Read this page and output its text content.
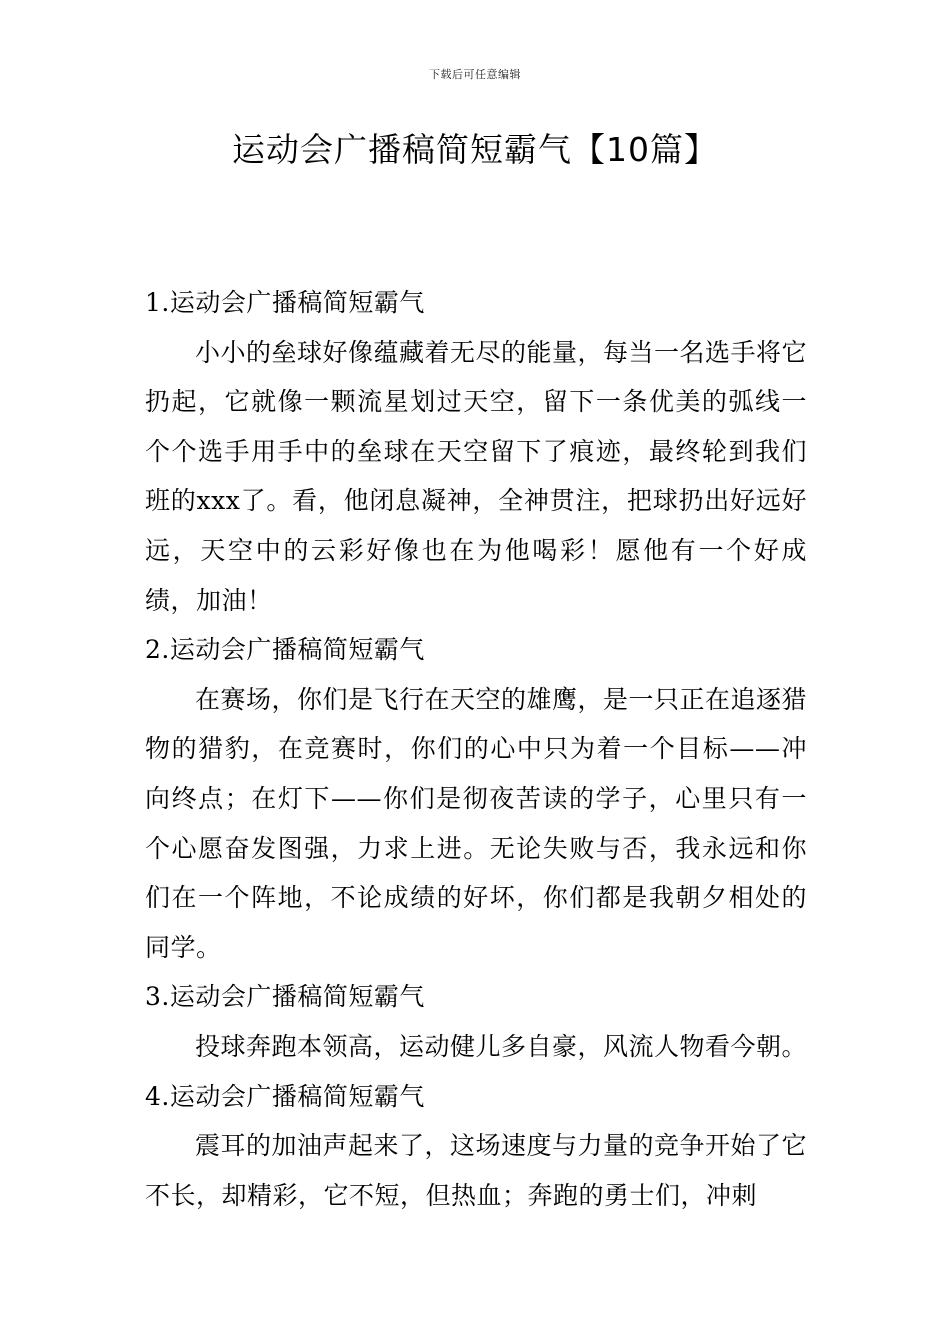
下载后可任意编辑
运动会广播稿简短霸气【10篇】
1.运动会广播稿简短霸气

小小的垒球好像蕴藏着无尽的能量，每当一名选手将它扔起，它就像一颗流星划过天空，留下一条优美的弧线一个个选手用手中的垒球在天空留下了痕迹，最终轮到我们班的xxx了。看，他闭息凝神，全神贯注，把球扔出好远好远，天空中的云彩好像也在为他喝彩！愿他有一个好成绩，加油！

2.运动会广播稿简短霸气

在赛场，你们是飞行在天空的雄鹰，是一只正在追逐猎物的猎豹，在竞赛时，你们的心中只为着一个目标——冲向终点；在灯下——你们是彻夜苦读的学子，心里只有一个心愿奋发图强，力求上进。无论失败与否，我永远和你们在一个阵地，不论成绩的好坏，你们都是我朝夕相处的同学。

3.运动会广播稿简短霸气

投球奔跑本领高，运动健儿多自豪，风流人物看今朝。

4.运动会广播稿简短霸气

震耳的加油声起来了，这场速度与力量的竞争开始了它不长，却精彩，它不短，但热血；奔跑的勇士们，冲刺
